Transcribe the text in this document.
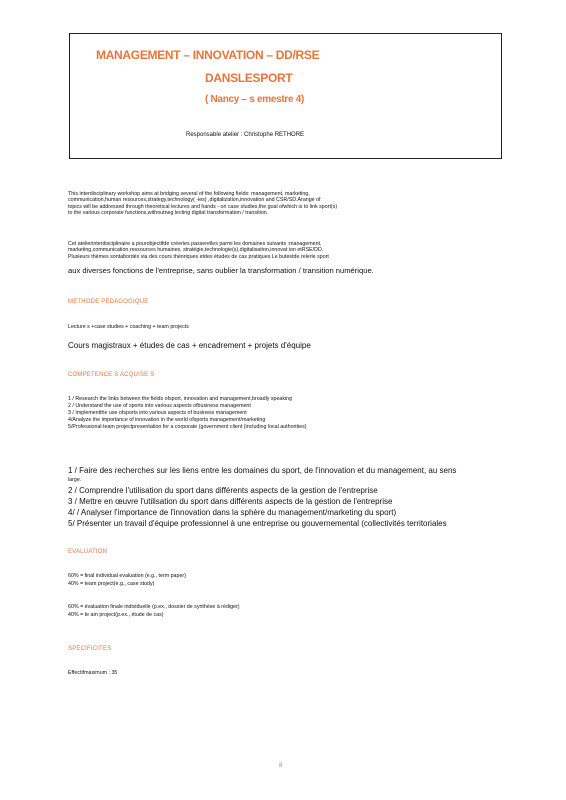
MANAGEMENT – INNOVATION – DD/RSE
DANSLESPORT
( Nancy – s emestre 4)
Responsable atelier : Christophe RETHORE
This interdisciplinary workshop aims at bridging several of the following fields: management, marketing,
communication,human resources,strategy,technology( -ies) ,digitalization,innovation and CSR/SD.Arange of
topics will be addressed through theoretical lectures and hands - on case studies,the goal ofwhich is to link sport(s)
to the various corporate functions,withoutneg lecting digital transformation / transition.
Cet atelierinterdisciplinaire a pourobjectifde créeries passerelles parmi les domaines suivants :management,
marketing,communication,ressources humaines, stratégie,technologie(s),digitalisation,innovat ion etRSE/DD.
Plusieurs thèmes sontabordés via des cours théoriques etdes études de cas pratiques.Le butestde relerle sport
aux diverses fonctions de l'entreprise, sans oublier la transformation / transition numérique.
METHODE PEDAGOGIQUE
Lecture s +case studies + coaching + team projects
Cours magistraux + études de cas + encadrement + projets d'équipe
COMPETENCE S ACQUISE S
1 / Research the links between the fields ofsport, innovation and management,broadly speaking
2 / Understand the use of sports into various aspects ofbusiness management
3 / Implementthe use ofsports into various aspects of business management
4/Analyze the importance of innovation in the world ofsports management/marketing
5/Professional team projectpresentation for a corporate (government client (including local authorities)
1 / Faire des recherches sur les liens entre les domaines du sport, de l'innovation et du management, au sens
large.
2 / Comprendre l'utilisation du sport dans différents aspects de la gestion de l'entreprise
3 / Mettre en œuvre l'utilisation du sport dans différents aspects de la gestion de l'entreprise
4/ / Analyser l'importance de l'innovation dans la sphère du management/marketing du sport)
5/ Présenter un travail d'équipe professionnel à une entreprise ou gouvernemental (collectivités territoriales
EVALUATION
60% = final individual evaluation (e.g., term paper)
40% = team project(e.g., case study)
60% = évaluation finale individuelle (p.ex., dossier de synthèse à rédiger)
40% = te am project(p.ex., étude de cas)
SPECIFICITES
Effectifmaximum : 35
8
